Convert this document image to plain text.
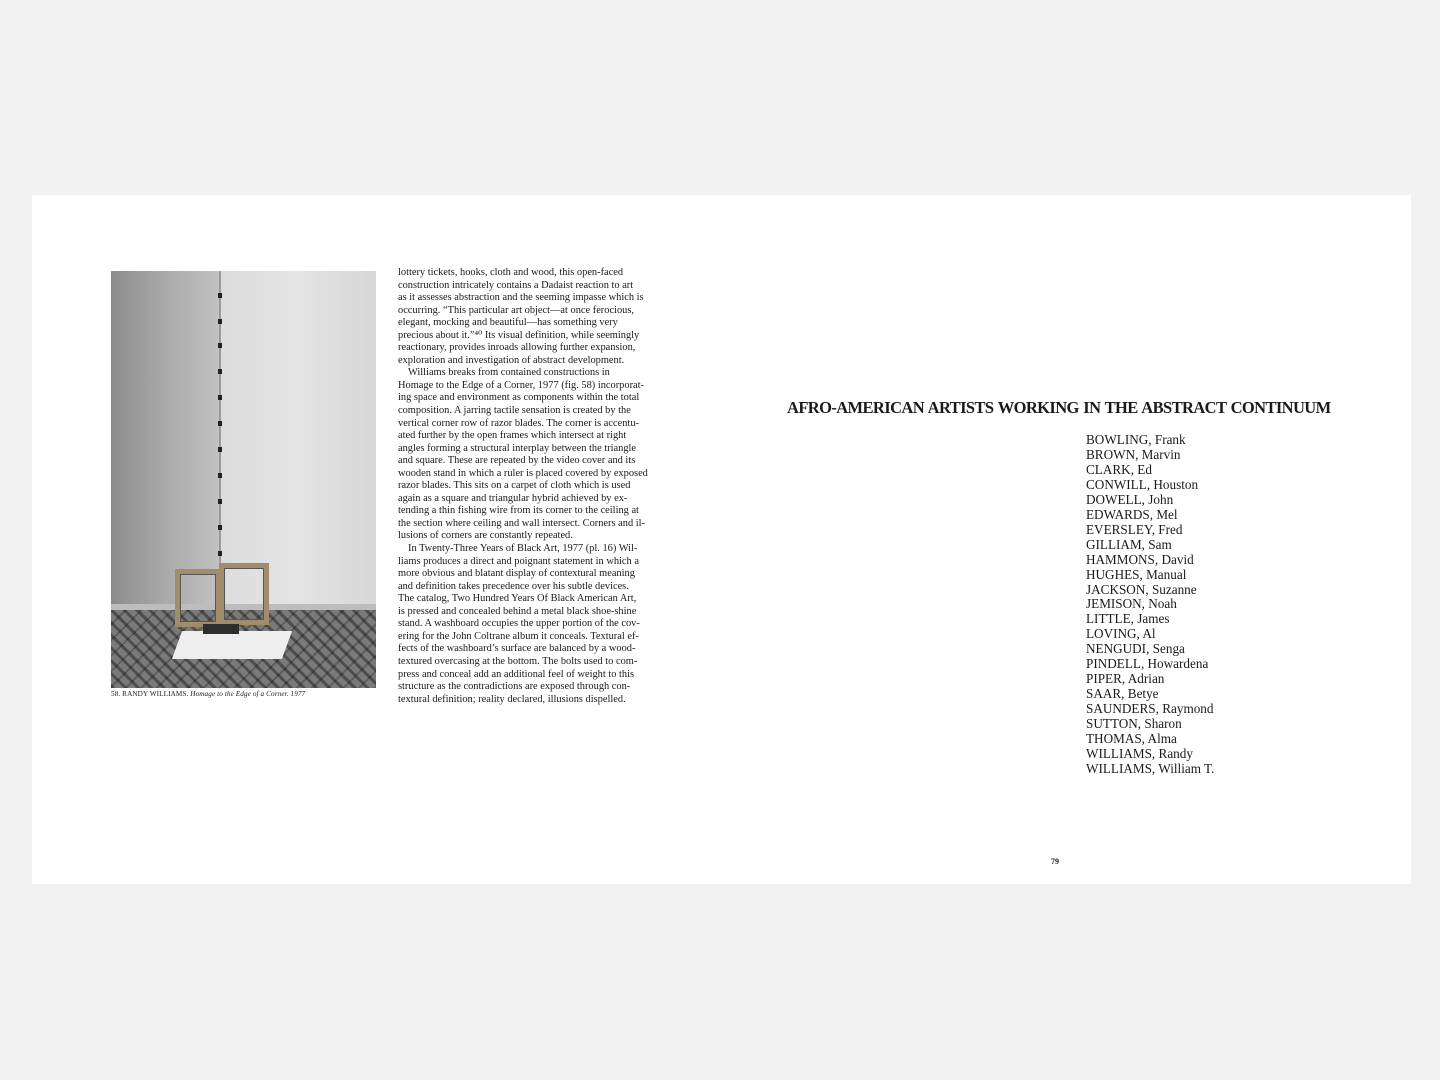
58. RANDY WILLIAMS. Homage to the Edge of a Corner. 1977
lottery tickets, hooks, cloth and wood, this open-faced
construction intricately contains a Dadaist reaction to art
as it assesses abstraction and the seeming impasse which is
occurring. “This particular art object—at once ferocious,
elegant, mocking and beautiful—has something very
precious about it.”⁴⁰ Its visual definition, while seemingly
reactionary, provides inroads allowing further expansion,
exploration and investigation of abstract development.
Williams breaks from contained constructions in
Homage to the Edge of a Corner, 1977 (fig. 58) incorporat-
ing space and environment as components within the total
composition. A jarring tactile sensation is created by the
vertical corner row of razor blades. The corner is accentu-
ated further by the open frames which intersect at right
angles forming a structural interplay between the triangle
and square. These are repeated by the video cover and its
wooden stand in which a ruler is placed covered by exposed
razor blades. This sits on a carpet of cloth which is used
again as a square and triangular hybrid achieved by ex-
tending a thin fishing wire from its corner to the ceiling at
the section where ceiling and wall intersect. Corners and il-
lusions of corners are constantly repeated.
In Twenty-Three Years of Black Art, 1977 (pl. 16) Wil-
liams produces a direct and poignant statement in which a
more obvious and blatant display of contextural meaning
and definition takes precedence over his subtle devices.
The catalog, Two Hundred Years Of Black American Art,
is pressed and concealed behind a metal black shoe-shine
stand. A washboard occupies the upper portion of the cov-
ering for the John Coltrane album it conceals. Textural ef-
fects of the washboard’s surface are balanced by a wood-
textured overcasing at the bottom. The bolts used to com-
press and conceal add an additional feel of weight to this
structure as the contradictions are exposed through con-
textural definition; reality declared, illusions dispelled.
AFRO-AMERICAN ARTISTS WORKING IN THE ABSTRACT CONTINUUM
BOWLING, Frank
BROWN, Marvin
CLARK, Ed
CONWILL, Houston
DOWELL, John
EDWARDS, Mel
EVERSLEY, Fred
GILLIAM, Sam
HAMMONS, David
HUGHES, Manual
JACKSON, Suzanne
JEMISON, Noah
LITTLE, James
LOVING, Al
NENGUDI, Senga
PINDELL, Howardena
PIPER, Adrian
SAAR, Betye
SAUNDERS, Raymond
SUTTON, Sharon
THOMAS, Alma
WILLIAMS, Randy
WILLIAMS, William T.
79
